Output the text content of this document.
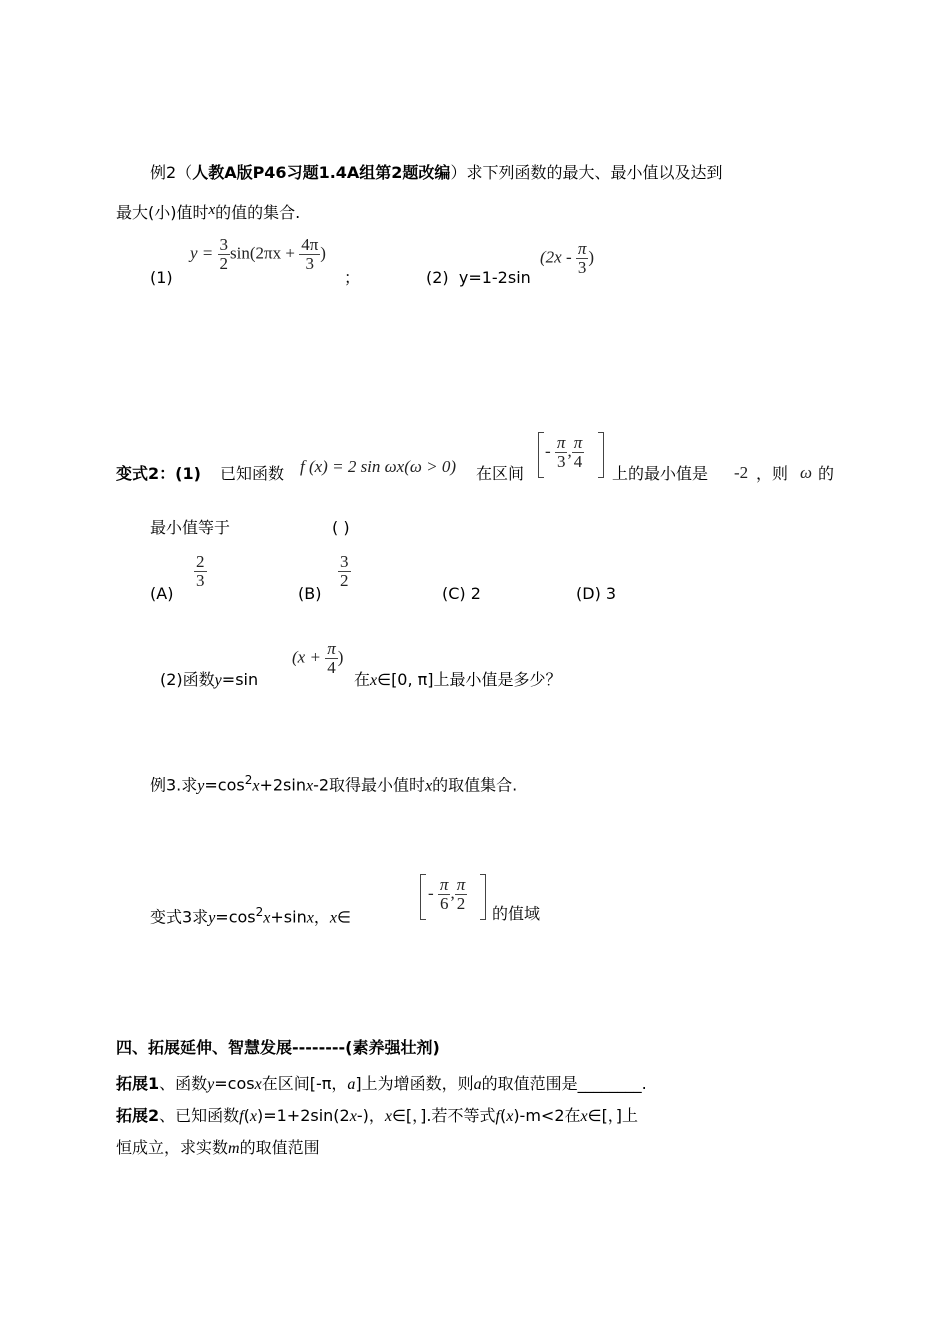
例2（人教A版P46习题1.4A组第2题改编）求下列函数的最大、最小值以及达到
最大(小)值时x的值的集合.
(1)
$y = \frac{3}{2} \sin(2\pi x + \frac{4\pi}{3}$ )
；	(2) y=1-2sin
($2x - \frac{\pi}{3}$ )
变式2：(1) 已知函数 f (x) = 2 sin ωx(ω > 0) 在区间
- $\frac{\pi}{3}$ , $\frac{\pi}{4}$
上的最小值是 -2 ，则 ω 的
最小值等于	( )
(A)
$\frac{2}{3}$
(B)
$\frac{3}{2}$
(C) 2	(D) 3
(2)函数y=sin
($x + \frac{\pi}{4}$ )
在x∈[0, π]上最小值是多少？
例3.求$y=\cos^2x+2\sin x-2$取得最小值时x的取值集合.
变式3求$y=\cos^2x+\sin x$，x∈
- $\frac{\pi}{6}$ , $\frac{\pi}{2}$
的值域
四、拓展延伸、智慧发展--------(素养强壮剂)
拓展1、函数y=cosx在区间[-π，a]上为增函数，则a的取值范围是________.
拓展2、已知函数f(x)=1+2sin(2x-)，x∈[，].若不等式f(x)-m<2在x∈[，]上
恒成立，求实数m的取值范围
